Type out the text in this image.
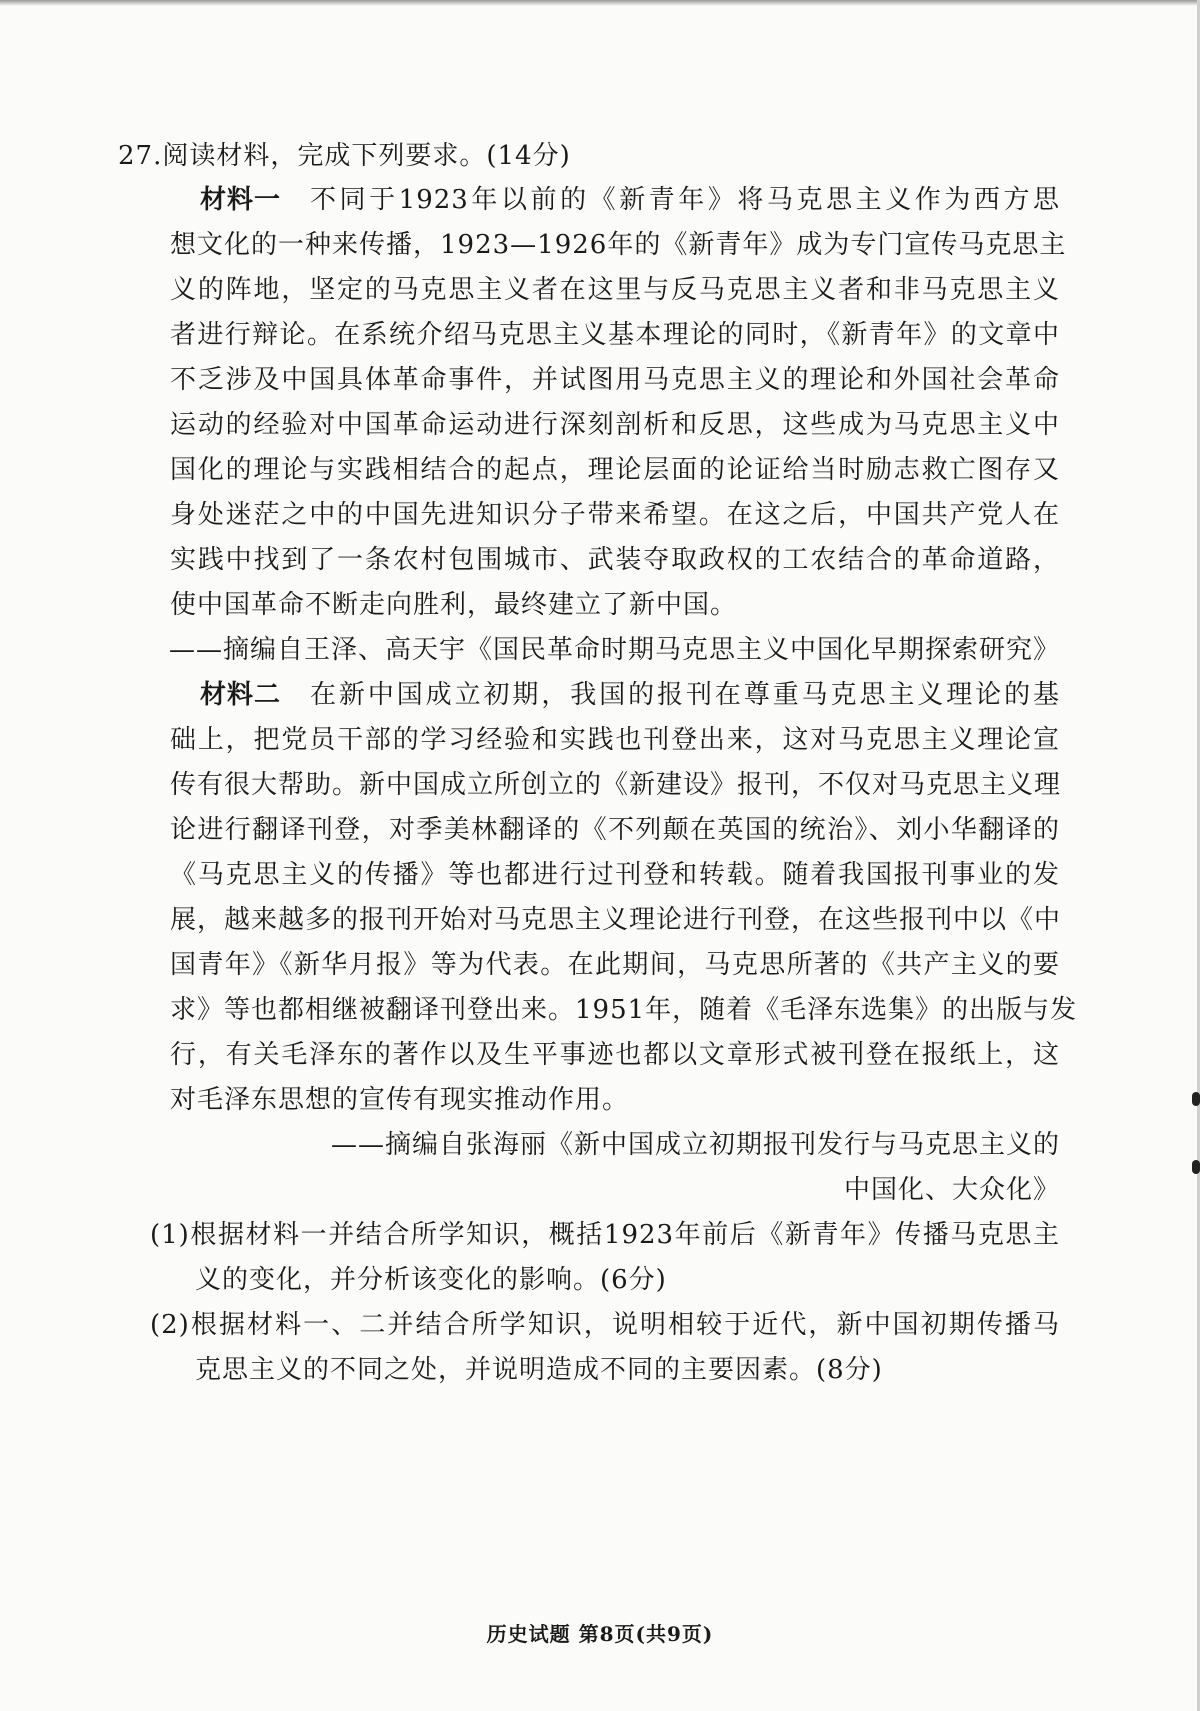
27.阅读材料，完成下列要求。(14分)
材料一 不同于1923年以前的《新青年》将马克思主义作为西方思
想文化的一种来传播，1923—1926年的《新青年》成为专门宣传马克思主
义的阵地，坚定的马克思主义者在这里与反马克思主义者和非马克思主义
者进行辩论。在系统介绍马克思主义基本理论的同时，《新青年》的文章中
不乏涉及中国具体革命事件，并试图用马克思主义的理论和外国社会革命
运动的经验对中国革命运动进行深刻剖析和反思，这些成为马克思主义中
国化的理论与实践相结合的起点，理论层面的论证给当时励志救亡图存又
身处迷茫之中的中国先进知识分子带来希望。在这之后，中国共产党人在
实践中找到了一条农村包围城市、武装夺取政权的工农结合的革命道路，
使中国革命不断走向胜利，最终建立了新中国。
——摘编自王泽、高天宇《国民革命时期马克思主义中国化早期探索研究》
材料二 在新中国成立初期，我国的报刊在尊重马克思主义理论的基
础上，把党员干部的学习经验和实践也刊登出来，这对马克思主义理论宣
传有很大帮助。新中国成立所创立的《新建设》报刊，不仅对马克思主义理
论进行翻译刊登，对季美林翻译的《不列颠在英国的统治》、刘小华翻译的
《马克思主义的传播》等也都进行过刊登和转载。随着我国报刊事业的发
展，越来越多的报刊开始对马克思主义理论进行刊登，在这些报刊中以《中
国青年》《新华月报》等为代表。在此期间，马克思所著的《共产主义的要
求》等也都相继被翻译刊登出来。1951年，随着《毛泽东选集》的出版与发
行，有关毛泽东的著作以及生平事迹也都以文章形式被刊登在报纸上，这
对毛泽东思想的宣传有现实推动作用。
——摘编自张海丽《新中国成立初期报刊发行与马克思主义的
中国化、大众化》
(1)根据材料一并结合所学知识，概括1923年前后《新青年》传播马克思主
义的变化，并分析该变化的影响。(6分)
(2)根据材料一、二并结合所学知识，说明相较于近代，新中国初期传播马
克思主义的不同之处，并说明造成不同的主要因素。(8分)
历史试题 第8页(共9页)
